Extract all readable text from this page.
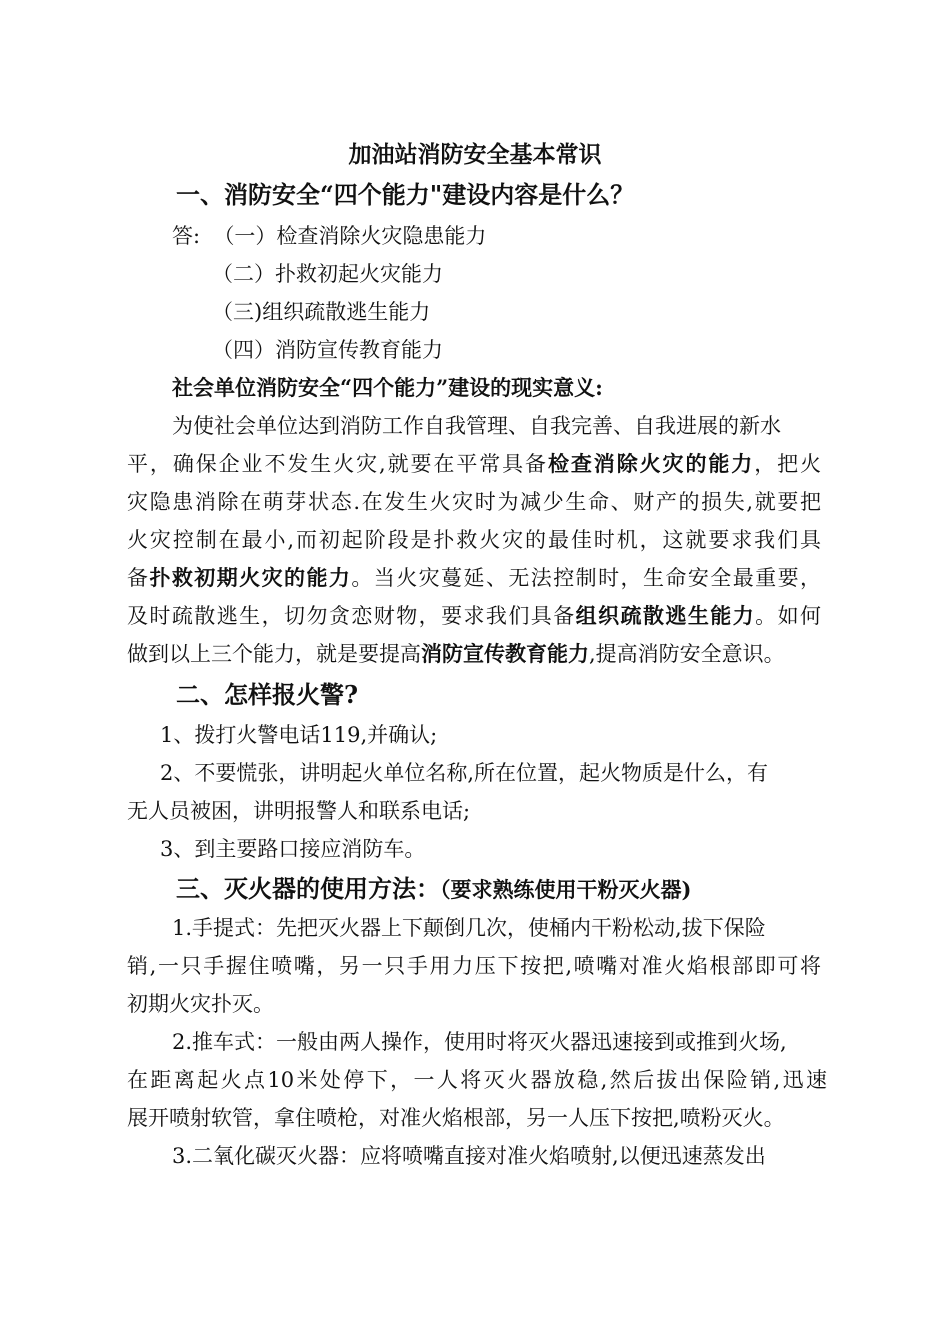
加油站消防安全基本常识
一、消防安全“四个能力"建设内容是什么？
答: （一）检查消除火灾隐患能力
（二）扑救初起火灾能力
（三)组织疏散逃生能力
（四）消防宣传教育能力
社会单位消防安全“四个能力”建设的现实意义:
为使社会单位达到消防工作自我管理、自我完善、自我进展的新水
平，确保企业不发生火灾,就要在平常具备检查消除火灾的能力，把火
灾隐患消除在萌芽状态.在发生火灾时为减少生命、财产的损失,就要把
火灾控制在最小,而初起阶段是扑救火灾的最佳时机，这就要求我们具
备扑救初期火灾的能力。当火灾蔓延、无法控制时，生命安全最重要，
及时疏散逃生，切勿贪恋财物，要求我们具备组织疏散逃生能力。如何
做到以上三个能力，就是要提高消防宣传教育能力,提高消防安全意识。
二、怎样报火警?
1、拨打火警电话119,并确认;
2、不要慌张，讲明起火单位名称,所在位置，起火物质是什么，有
无人员被困，讲明报警人和联系电话;
3、到主要路口接应消防车。
三、灭火器的使用方法：（要求熟练使用干粉灭火器)
1.手提式：先把灭火器上下颠倒几次，使桶内干粉松动,拔下保险
销,一只手握住喷嘴，另一只手用力压下按把,喷嘴对准火焰根部即可将
初期火灾扑灭。
2.推车式：一般由两人操作，使用时将灭火器迅速接到或推到火场,
在距离起火点10米处停下，一人将灭火器放稳,然后拔出保险销,迅速
展开喷射软管，拿住喷枪，对准火焰根部，另一人压下按把,喷粉灭火。
3.二氧化碳灭火器：应将喷嘴直接对准火焰喷射,以便迅速蒸发出
